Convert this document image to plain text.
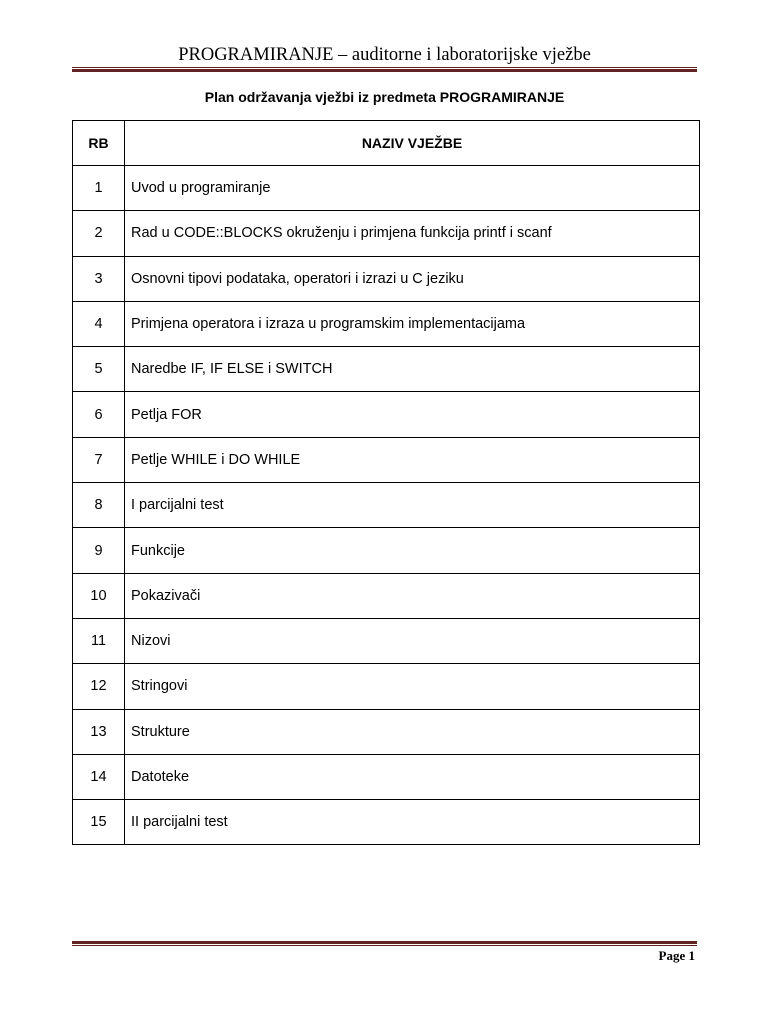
PROGRAMIRANJE – auditorne i laboratorijske vježbe
Plan održavanja vježbi iz predmeta PROGRAMIRANJE
RB	NAZIV VJEŽBE
1	Uvod u programiranje
2	Rad u CODE::BLOCKS okruženju i primjena funkcija printf i scanf
3	Osnovni tipovi podataka, operatori i izrazi u C jeziku
4	Primjena operatora i izraza u programskim implementacijama
5	Naredbe IF, IF ELSE i SWITCH
6	Petlja FOR
7	Petlje WHILE i DO WHILE
8	I parcijalni test
9	Funkcije
10	Pokazivači
11	Nizovi
12	Stringovi
13	Strukture
14	Datoteke
15	II parcijalni test
Page 1
